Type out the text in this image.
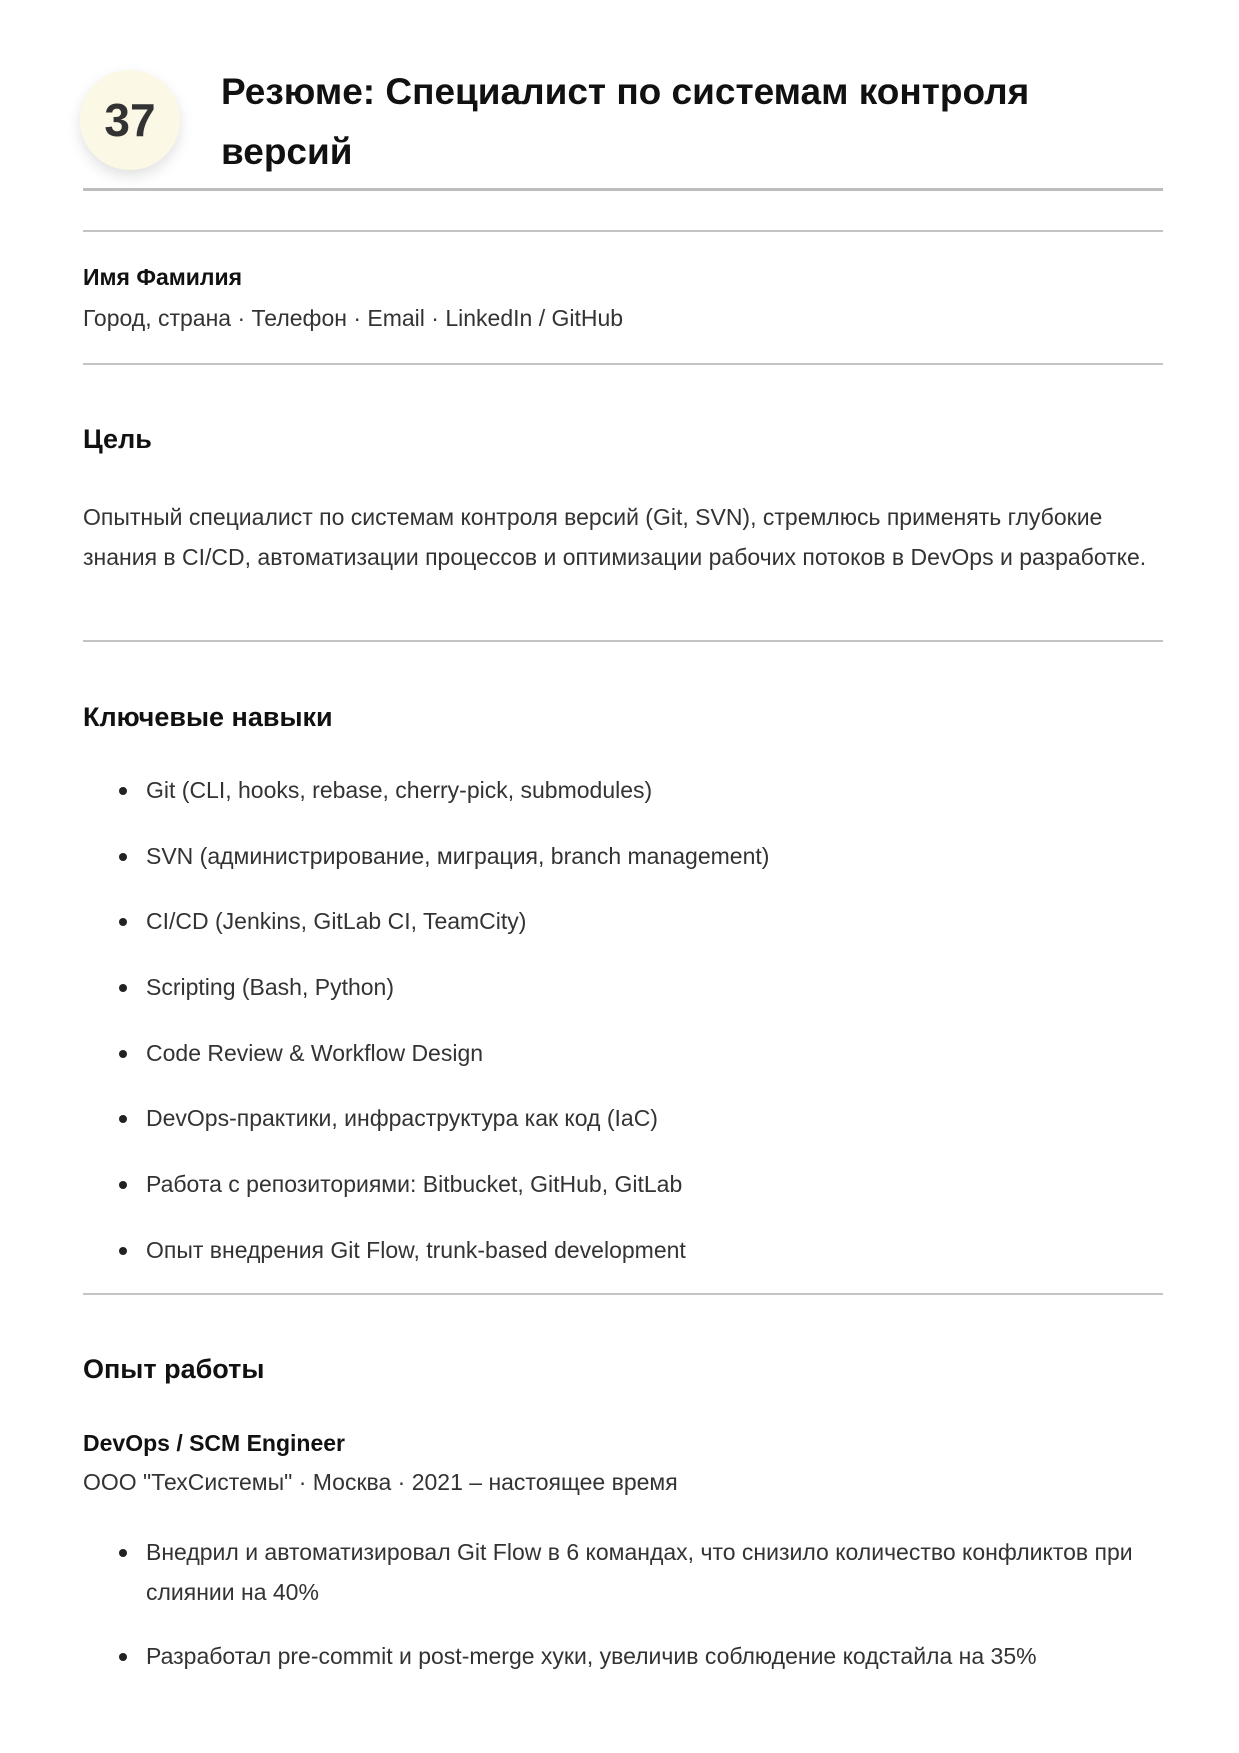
37
Резюме: Специалист по системам контроля версий
Имя Фамилия
Город, страна · Телефон · Email · LinkedIn / GitHub
Цель
Опытный специалист по системам контроля версий (Git, SVN), стремлюсь применять глубокие знания в CI/CD, автоматизации процессов и оптимизации рабочих потоков в DevOps и разработке.
Ключевые навыки
Git (CLI, hooks, rebase, cherry-pick, submodules)
SVN (администрирование, миграция, branch management)
CI/CD (Jenkins, GitLab CI, TeamCity)
Scripting (Bash, Python)
Code Review & Workflow Design
DevOps-практики, инфраструктура как код (IaC)
Работа с репозиториями: Bitbucket, GitHub, GitLab
Опыт внедрения Git Flow, trunk-based development
Опыт работы
DevOps / SCM Engineer
ООО "ТехСистемы" · Москва · 2021 – настоящее время
Внедрил и автоматизировал Git Flow в 6 командах, что снизило количество конфликтов при слиянии на 40%
Разработал pre-commit и post-merge хуки, увеличив соблюдение кодстайла на 35%
